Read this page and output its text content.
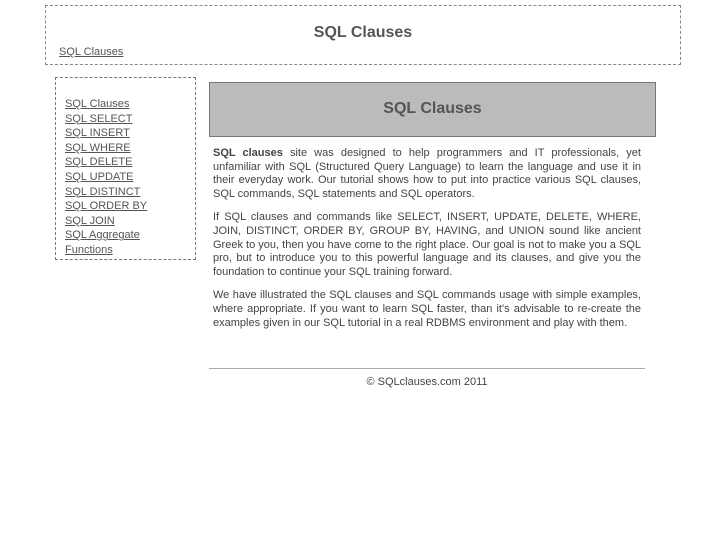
SQL Clauses
SQL Clauses
SQL Clauses
SQL SELECT
SQL INSERT
SQL WHERE
SQL DELETE
SQL UPDATE
SQL DISTINCT
SQL ORDER BY
SQL JOIN
SQL Aggregate
Functions
SQL Clauses

SQL clauses site was designed to help programmers and IT professionals, yet unfamiliar with SQL (Structured Query Language) to learn the language and use it in their everyday work. Our tutorial shows how to put into practice various SQL clauses, SQL commands, SQL statements and SQL operators.

If SQL clauses and commands like SELECT, INSERT, UPDATE, DELETE, WHERE, JOIN, DISTINCT, ORDER BY, GROUP BY, HAVING, and UNION sound like ancient Greek to you, then you have come to the right place. Our goal is not to make you a SQL pro, but to introduce you to this powerful language and its clauses, and give you the foundation to continue your SQL training forward.

We have illustrated the SQL clauses and SQL commands usage with simple examples, where appropriate. If you want to learn SQL faster, than it's advisable to re-create the examples given in our SQL tutorial in a real RDBMS environment and play with them.

© SQLclauses.com 2011
